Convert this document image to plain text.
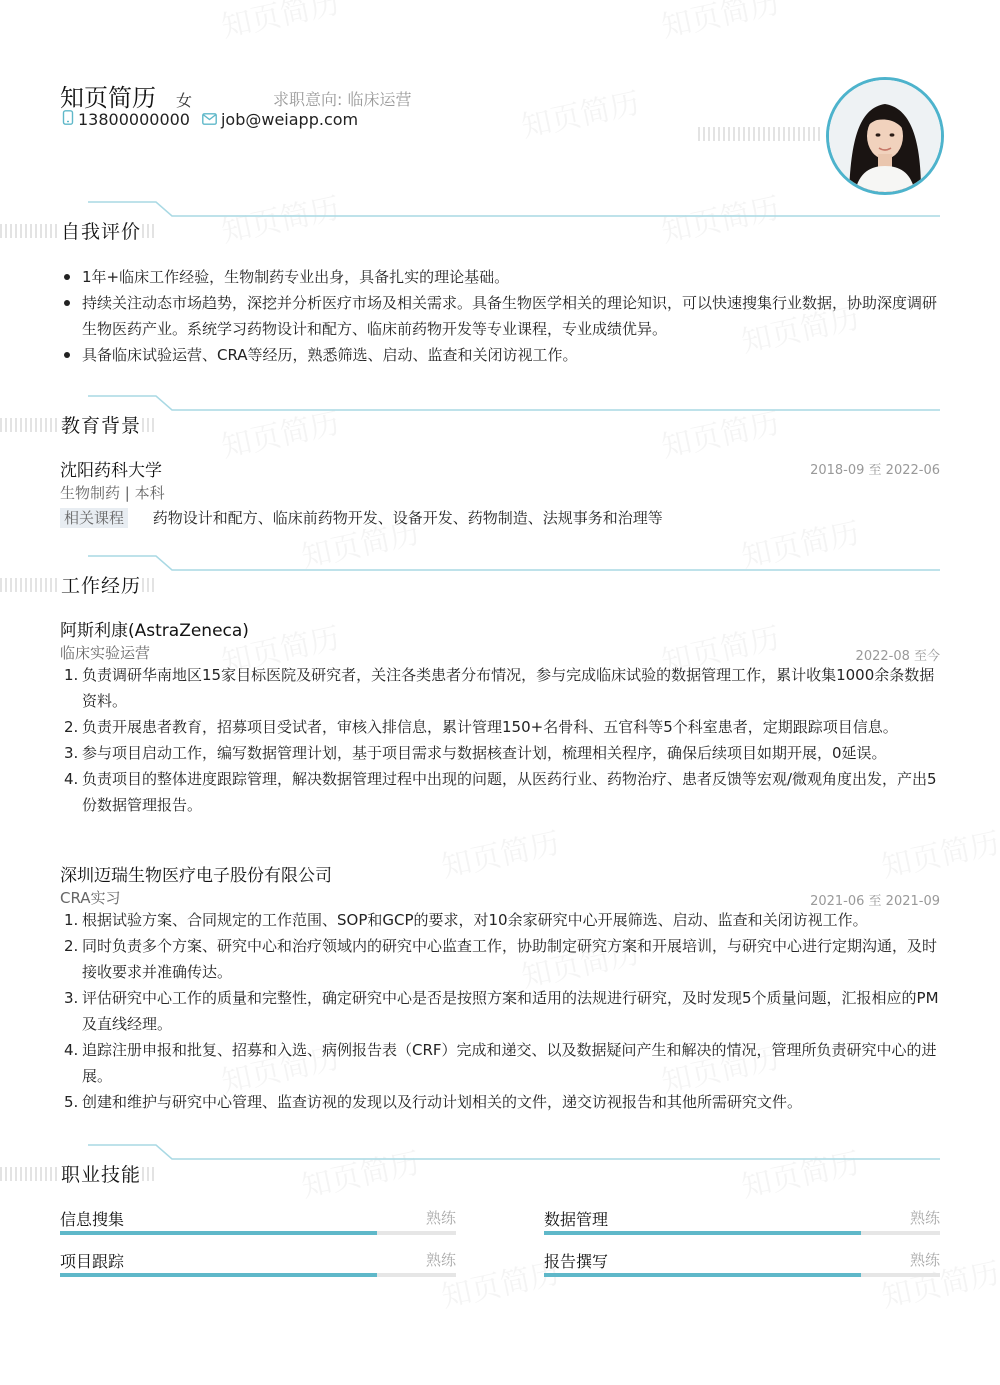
知页简历 女	求职意向: 临床运营
13800000000 job@weiapp.com
自我评价
1年+临床工作经验，生物制药专业出身，具备扎实的理论基础。
持续关注动态市场趋势，深挖并分析医疗市场及相关需求。具备生物医学相关的理论知识，可以快速搜集行业数据，协助深度调研生物医药产业。系统学习药物设计和配方、临床前药物开发等专业课程，专业成绩优异。
具备临床试验运营、CRA等经历，熟悉筛选、启动、监查和关闭访视工作。
教育背景
沈阳药科大学	2018-09 至 2022-06
生物制药 | 本科
相关课程 药物设计和配方、临床前药物开发、设备开发、药物制造、法规事务和治理等
工作经历
阿斯利康(AstraZeneca)
临床实验运营	2022-08 至今
1. 负责调研华南地区15家目标医院及研究者，关注各类患者分布情况，参与完成临床试验的数据管理工作，累计收集1000余条数据资料。
2. 负责开展患者教育，招募项目受试者，审核入排信息，累计管理150+名骨科、五官科等5个科室患者，定期跟踪项目信息。
3. 参与项目启动工作，编写数据管理计划，基于项目需求与数据核查计划，梳理相关程序，确保后续项目如期开展，0延误。
4. 负责项目的整体进度跟踪管理，解决数据管理过程中出现的问题，从医药行业、药物治疗、患者反馈等宏观/微观角度出发，产出5份数据管理报告。
深圳迈瑞生物医疗电子股份有限公司
CRA实习	2021-06 至 2021-09
1. 根据试验方案、合同规定的工作范围、SOP和GCP的要求，对10余家研究中心开展筛选、启动、监查和关闭访视工作。
2. 同时负责多个方案、研究中心和治疗领域内的研究中心监查工作，协助制定研究方案和开展培训，与研究中心进行定期沟通，及时接收要求并准确传达。
3. 评估研究中心工作的质量和完整性，确定研究中心是否是按照方案和适用的法规进行研究，及时发现5个质量问题，汇报相应的PM及直线经理。
4. 追踪注册申报和批复、招募和入选、病例报告表（CRF）完成和递交、以及数据疑问产生和解决的情况，管理所负责研究中心的进展。
5. 创建和维护与研究中心管理、监查访视的发现以及行动计划相关的文件，递交访视报告和其他所需研究文件。
职业技能
信息搜集	熟练	数据管理	熟练
项目跟踪	熟练	报告撰写	熟练
